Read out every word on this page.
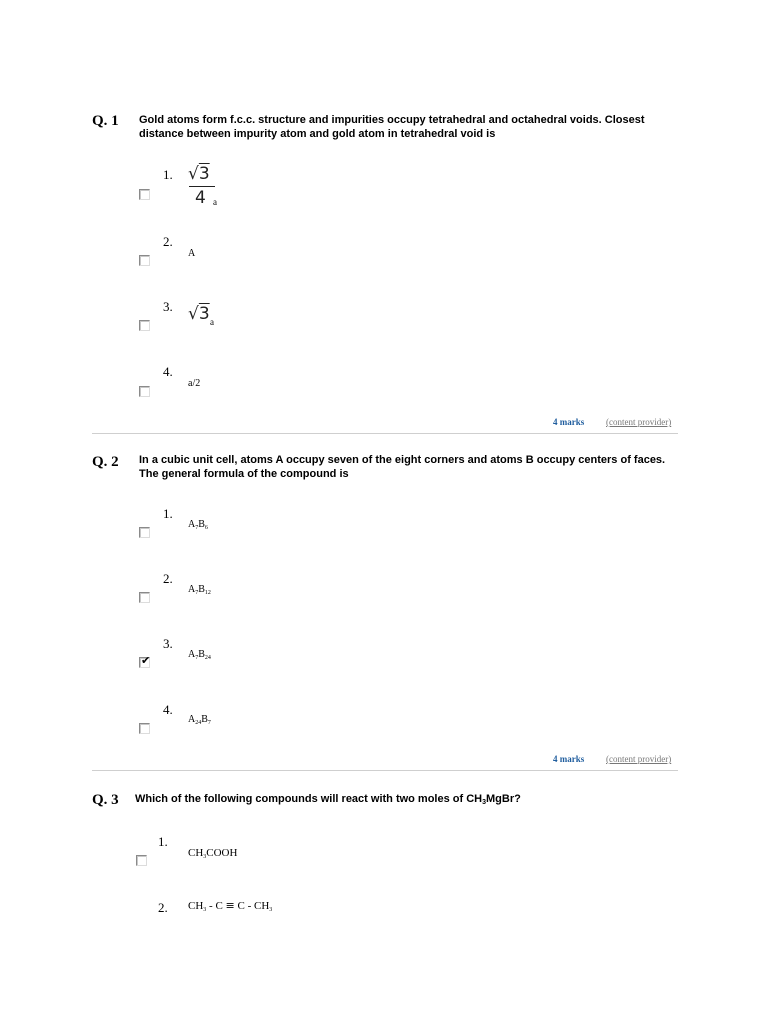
Q. 1 Gold atoms form f.c.c. structure and impurities occupy tetrahedral and octahedral voids. Closest distance between impurity atom and gold atom in tetrahedral void is
1. √3
4 a
2.
A
3. √3 a
4.
a/2
4 marks (content provider)
Q. 2 In a cubic unit cell, atoms A occupy seven of the eight corners and atoms B occupy centers of faces. The general formula of the compound is
1.
$A_7B_6$
2.
$A_7B_{12}$
3.
✔	$A_7B_{24}$
4.
$A_{24}B_7$
4 marks (content provider)
Q. 3 Which of the following compounds will react with two moles of $CH_3MgBr$?
1.
$CH_3COOH$
2. $CH_3 - C \equiv C - CH_3$
